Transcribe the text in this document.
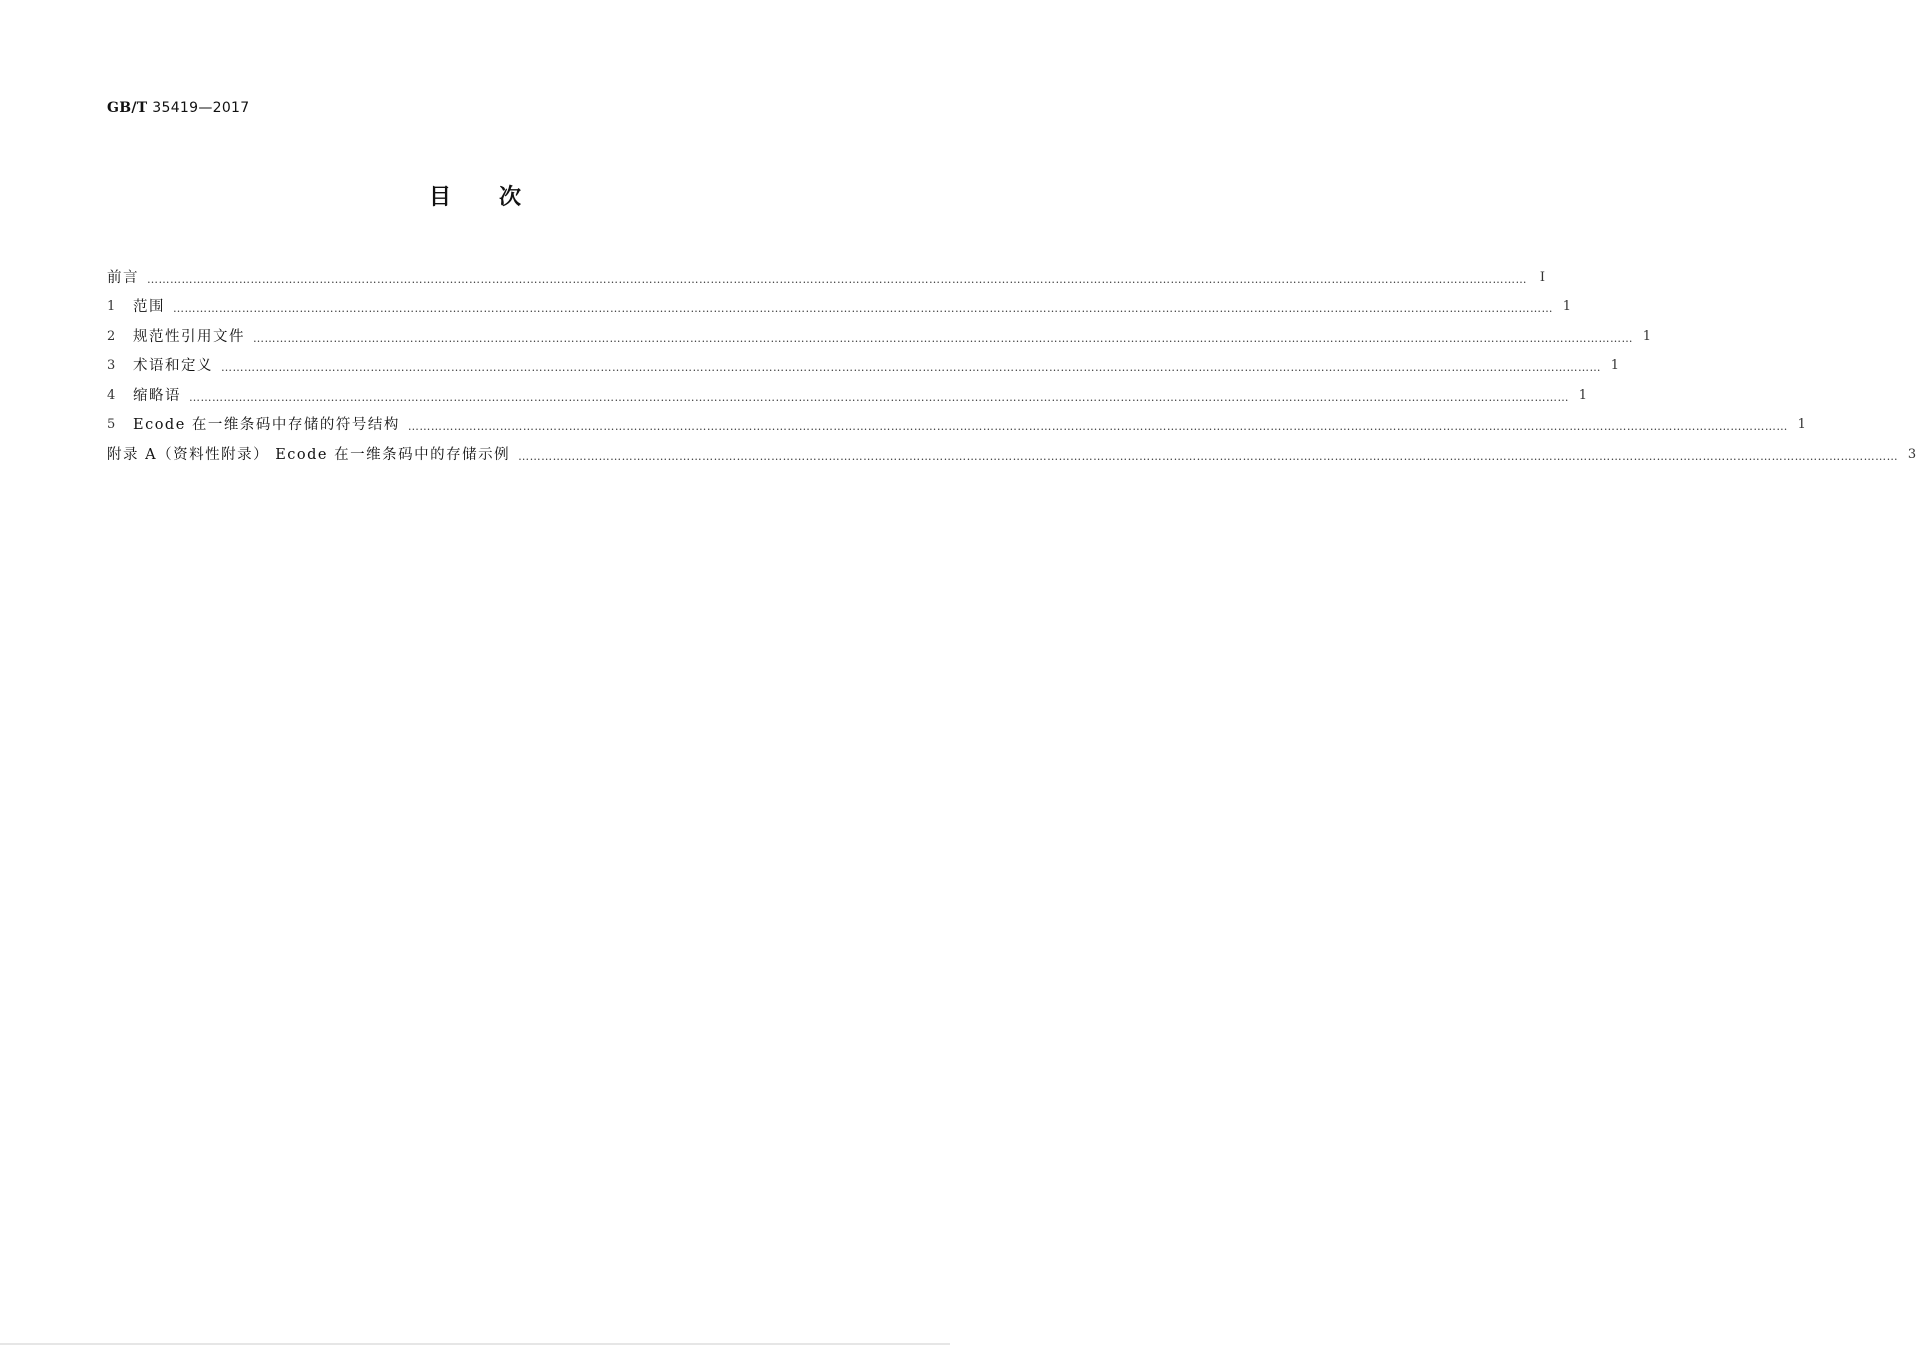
GB/T 35419—2017
目次
前言 ……………………………………………………………………………………………………………………………………………………………………………………………………………………………………………………………………………………………………………………………… Ⅰ
1	范围 ……………………………………………………………………………………………………………………………………………………………………………………………………………………………………………………………………………………………………………………………… 1
2	规范性引用文件 ……………………………………………………………………………………………………………………………………………………………………………………………………………………………………………………………………………………………………………………………… 1
3	术语和定义 ……………………………………………………………………………………………………………………………………………………………………………………………………………………………………………………………………………………………………………………………… 1
4	缩略语 ……………………………………………………………………………………………………………………………………………………………………………………………………………………………………………………………………………………………………………………………… 1
5	Ecode 在一维条码中存储的符号结构 ……………………………………………………………………………………………………………………………………………………………………………………………………………………………………………………………………………………………………………………………… 1
附录 A（资料性附录） Ecode 在一维条码中的存储示例 ……………………………………………………………………………………………………………………………………………………………………………………………………………………………………………………………………………………………………………………………… 3
